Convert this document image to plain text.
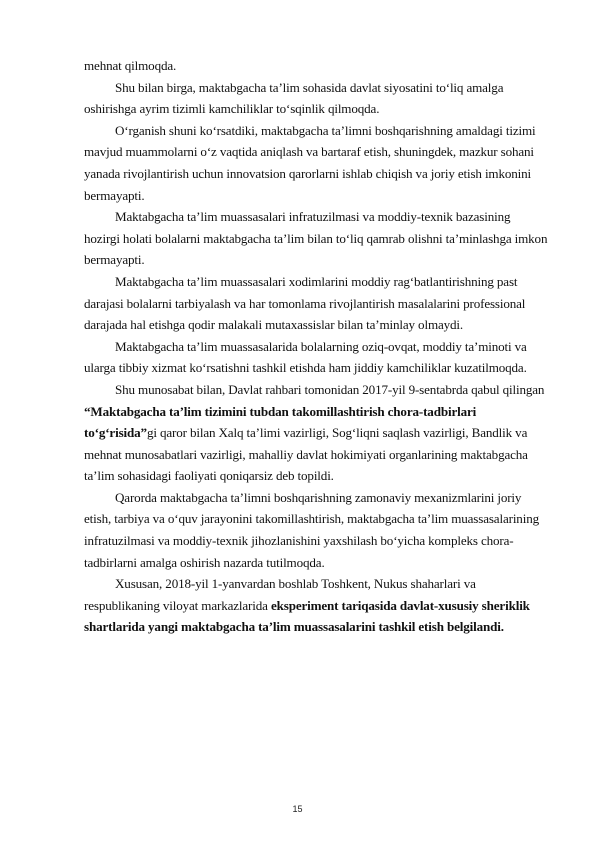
mehnat qilmoqda.

Shu bilan birga, maktabgacha ta’lim sohasida davlat siyosatini to‘liq amalga oshirishga ayrim tizimli kamchiliklar to‘sqinlik qilmoqda.

O‘rganish shuni ko‘rsatdiki, maktabgacha ta’limni boshqarishning amaldagi tizimi mavjud muammolarni o‘z vaqtida aniqlash va bartaraf etish, shuningdek, mazkur sohani yanada rivojlantirish uchun innovatsion qarorlarni ishlab chiqish va joriy etish imkonini bermayapti.

Maktabgacha ta’lim muassasalari infratuzilmasi va moddiy-texnik bazasining hozirgi holati bolalarni maktabgacha ta’lim bilan to‘liq qamrab olishni ta’minlashga imkon bermayapti.

Maktabgacha ta’lim muassasalari xodimlarini moddiy rag‘batlantirishning past darajasi bolalarni tarbiyalash va har tomonlama rivojlantirish masalalarini professional darajada hal etishga qodir malakali mutaxassislar bilan ta’minlay olmaydi.

Maktabgacha ta’lim muassasalarida bolalarning oziq-ovqat, moddiy ta’minoti va ularga tibbiy xizmat ko‘rsatishni tashkil etishda ham jiddiy kamchiliklar kuzatilmoqda.

Shu munosabat bilan, Davlat rahbari tomonidan 2017-yil 9-sentabrda qabul qilingan “Maktabgacha ta’lim tizimini tubdan takomillashtirish chora-tadbirlari to‘g‘risida”gi qaror bilan Xalq ta’limi vazirligi, Sog‘liqni saqlash vazirligi, Bandlik va mehnat munosabatlari vazirligi, mahalliy davlat hokimiyati organlarining maktabgacha ta’lim sohasidagi faoliyati qoniqarsiz deb topildi.

Qarorda maktabgacha ta’limni boshqarishning zamonaviy mexanizmlarini joriy etish, tarbiya va o‘quv jarayonini takomillashtirish, maktabgacha ta’lim muassasalarining infratuzilmasi va moddiy-texnik jihozlanishini yaxshilash bo‘yicha kompleks chora-tadbirlarni amalga oshirish nazarda tutilmoqda.

Xususan, 2018-yil 1-yanvardan boshlab Toshkent, Nukus shaharlari va respublikaning viloyat markazlarida eksperiment tariqasida davlat-xususiy sheriklik shartlarida yangi maktabgacha ta’lim muassasalarini tashkil etish belgilandi.

15
